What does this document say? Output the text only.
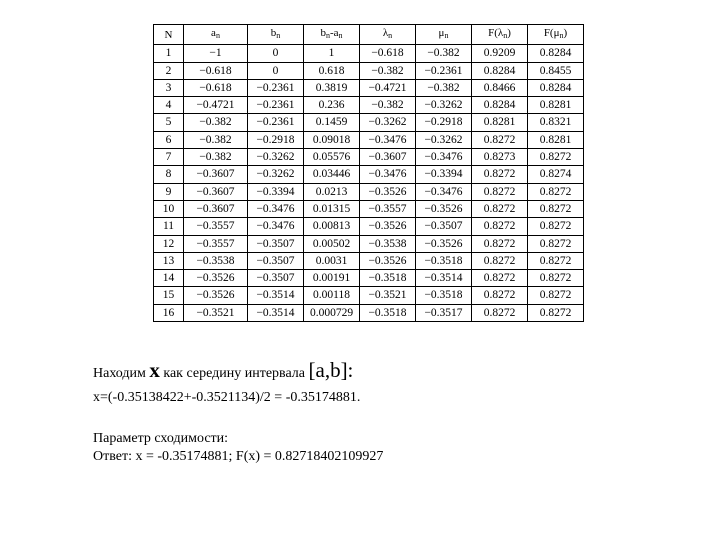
N	$a_n$	$b_n$	$b_n-a_n$	$\lambda_n$	$\mu_n$	$F(\lambda_n)$	$F(\mu_n)$
1	−1	0	1	−0.618	−0.382	0.9209	0.8284
2	−0.618	0	0.618	−0.382	−0.2361	0.8284	0.8455
3	−0.618	−0.2361	0.3819	−0.4721	−0.382	0.8466	0.8284
4	−0.4721	−0.2361	0.236	−0.382	−0.3262	0.8284	0.8281
5	−0.382	−0.2361	0.1459	−0.3262	−0.2918	0.8281	0.8321
6	−0.382	−0.2918	0.09018	−0.3476	−0.3262	0.8272	0.8281
7	−0.382	−0.3262	0.05576	−0.3607	−0.3476	0.8273	0.8272
8	−0.3607	−0.3262	0.03446	−0.3476	−0.3394	0.8272	0.8274
9	−0.3607	−0.3394	0.0213	−0.3526	−0.3476	0.8272	0.8272
10	−0.3607	−0.3476	0.01315	−0.3557	−0.3526	0.8272	0.8272
11	−0.3557	−0.3476	0.00813	−0.3526	−0.3507	0.8272	0.8272
12	−0.3557	−0.3507	0.00502	−0.3538	−0.3526	0.8272	0.8272
13	−0.3538	−0.3507	0.0031	−0.3526	−0.3518	0.8272	0.8272
14	−0.3526	−0.3507	0.00191	−0.3518	−0.3514	0.8272	0.8272
15	−0.3526	−0.3514	0.00118	−0.3521	−0.3518	0.8272	0.8272
16	−0.3521	−0.3514	0.000729	−0.3518	−0.3517	0.8272	0.8272
Находим x как середину интервала [a,b]:
x=(-0.35138422+-0.3521134)/2 = -0.35174881.
Параметр сходимости:
Ответ: x = -0.35174881; F(x) = 0.82718402109927
